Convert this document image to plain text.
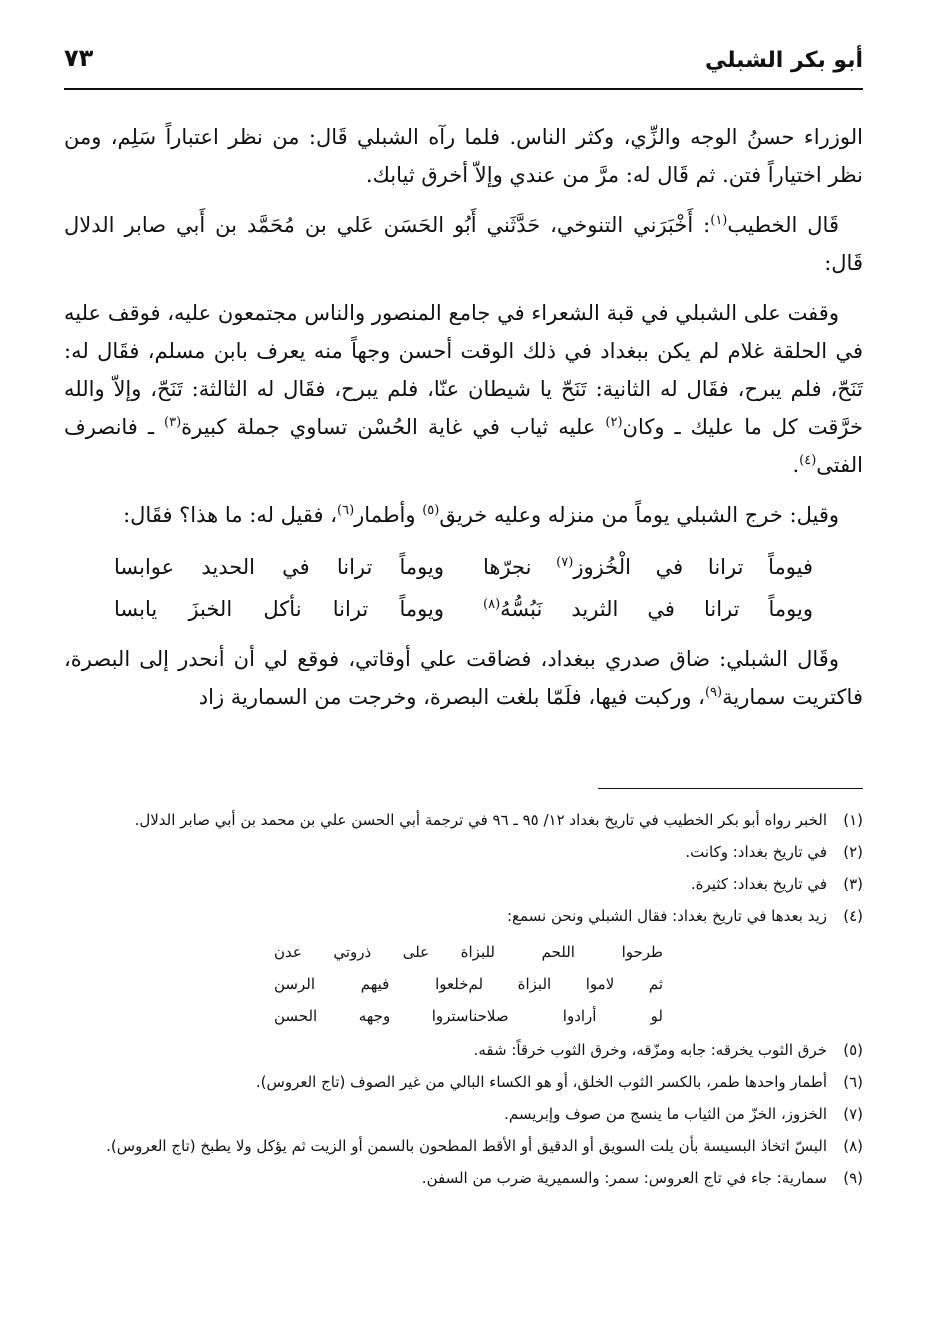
أبو بكر الشبلي
٧٣

الوزراء حسنُ الوجه والزِّي، وكثر الناس. فلما رآه الشبلي قَال: من نظر اعتباراً سَلِم، ومن نظر اختياراً فتن. ثم قَال له: مرَّ من عندي وإلاّ أخرق ثيابك.

قَال الخطيب$^{(١)}$: أَخْبَرَني التنوخي، حَدَّثَني أَبُو الحَسَن عَلي بن مُحَمَّد بن أَبي صابر الدلال قَال:

وقفت على الشبلي في قبة الشعراء في جامع المنصور والناس مجتمعون عليه، فوقف عليه في الحلقة غلام لم يكن ببغداد في ذلك الوقت أحسن وجهاً منه يعرف بابن مسلم، فقَال له: تَنَحّ، فلم يبرح، فقَال له الثانية: تَنَحّ يا شيطان عنّا، فلم يبرح، فقَال له الثالثة: تَنَحّ، وإلاّ والله خرَّقت كل ما عليك ـ وكان$^{(٢)}$ عليه ثياب في غاية الحُسْن تساوي جملة كبيرة$^{(٣)}$ ـ فانصرف الفتى$^{(٤)}$.

وقيل: خرج الشبلي يوماً من منزله وعليه خريق$^{(٥)}$ وأطمار$^{(٦)}$، فقيل له: ما هذا؟ فقَال:

فيوماً ترانا في الْخُزوز$^{(٧)}$ نجرّها
ويوماً ترانا في الحديد عوابسا
ويوماً ترانا في الثريد نَبُسُّهُ$^{(٨)}$
ويوماً ترانا نأكل الخبزَ يابسا

وقَال الشبلي: ضاق صدري ببغداد، فضاقت علي أوقاتي، فوقع لي أن أنحدر إلى البصرة، فاكتريت سمارية$^{(٩)}$، وركبت فيها، فلَمّا بلغت البصرة، وخرجت من السمارية زاد

(١)
الخبر رواه أبو بكر الخطيب في تاريخ بغداد ١٢/ ٩٥ ـ ٩٦ في ترجمة أبي الحسن علي بن محمد بن أبي صابر الدلال.
(٢)
في تاريخ بغداد: وكانت.
(٣)
في تاريخ بغداد: كثيرة.
(٤)
زيد بعدها في تاريخ بغداد: فقال الشبلي ونحن نسمع:
طرحوا اللحم للبزا
ة على ذروتي عدن
ثم لاموا البزاة لم
خلعوا فيهم الرسن
لو أرادوا صلاحنا
ستروا وجهه الحسن
(٥)
خرق الثوب يخرقه: جابه ومزّقه، وخرق الثوب خرقاً: شقه.
(٦)
أطمار واحدها طمر، بالكسر الثوب الخلق، أو هو الكساء البالي من غير الصوف (تاج العروس).
(٧)
الخزوز، الخزّ من الثياب ما ينسج من صوف وإبريسم.
(٨)
البسّ اتخاذ البسيسة بأن يلت السويق أو الدقيق أو الأقط المطحون بالسمن أو الزيت ثم يؤكل ولا يطبخ (تاج العروس).
(٩)
سمارية: جاء في تاج العروس: سمر: والسميرية ضرب من السفن.
